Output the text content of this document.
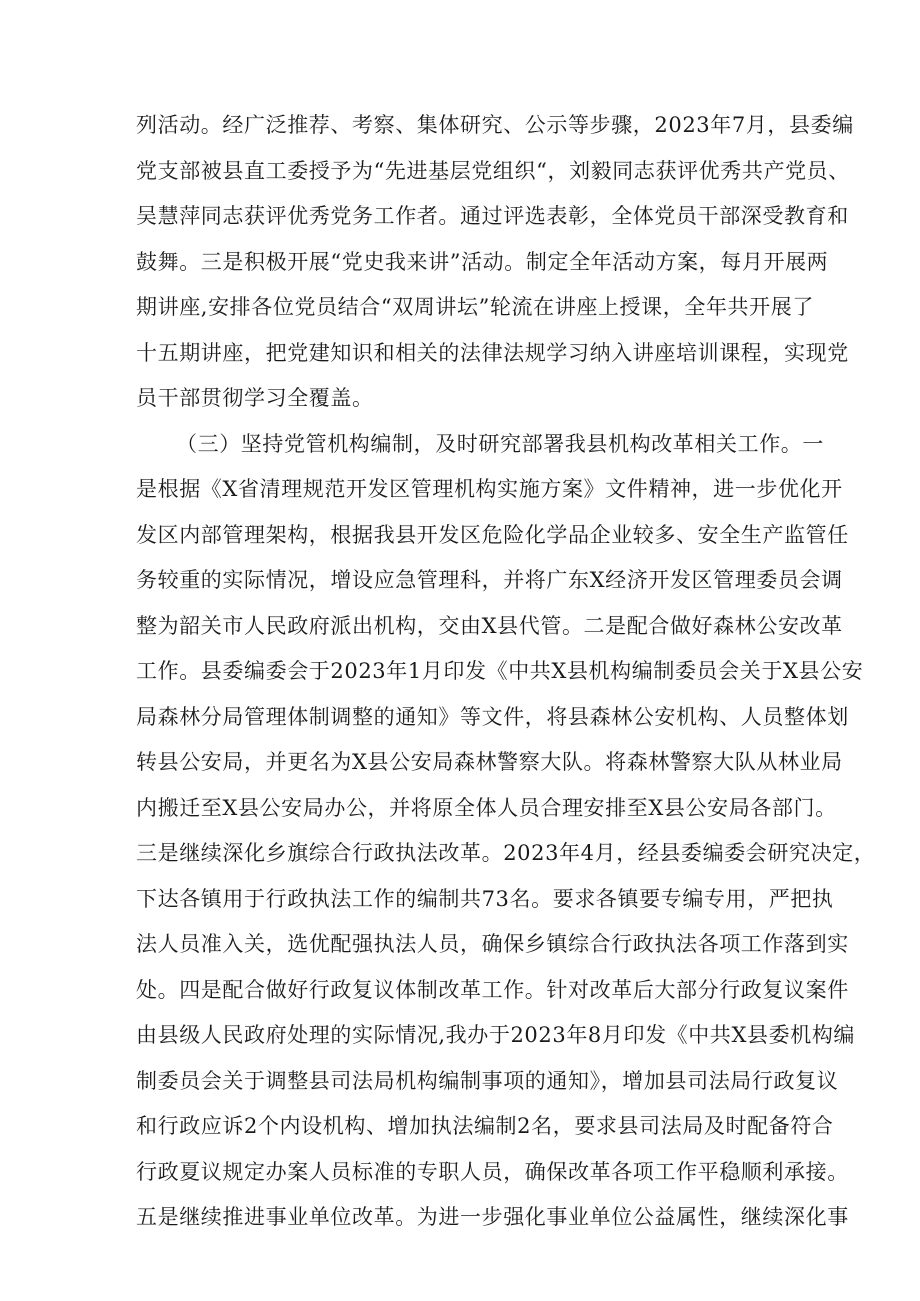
列活动。经广泛推荐、考察、集体研究、公示等步骤，2023年7月，县委编
党支部被县直工委授予为“先进基层党组织“，刘毅同志获评优秀共产党员、
吴慧萍同志获评优秀党务工作者。通过评选表彰，全体党员干部深受教育和
鼓舞。三是积极开展“党史我来讲”活动。制定全年活动方案，每月开展两
期讲座,安排各位党员结合“双周讲坛”轮流在讲座上授课，全年共开展了
十五期讲座，把党建知识和相关的法律法规学习纳入讲座培训课程，实现党
员干部贯彻学习全覆盖。
（三）坚持党管机构编制，及时研究部署我县机构改革相关工作。一
是根据《X省清理规范开发区管理机构实施方案》文件精神，进一步优化开
发区内部管理架构，根据我县开发区危险化学品企业较多、安全生产监管任
务较重的实际情况，增设应急管理科，并将广东X经济开发区管理委员会调
整为韶关市人民政府派出机构，交由X县代管。二是配合做好森林公安改革
工作。县委编委会于2023年1月印发《中共X县机构编制委员会关于X县公安
局森林分局管理体制调整的通知》等文件，将县森林公安机构、人员整体划
转县公安局，并更名为X县公安局森林警察大队。将森林警察大队从林业局
内搬迁至X县公安局办公，并将原全体人员合理安排至X县公安局各部门。
三是继续深化乡旗综合行政执法改革。2023年4月，经县委编委会研究决定，
下达各镇用于行政执法工作的编制共73名。要求各镇要专编专用，严把执
法人员准入关，选优配强执法人员，确保乡镇综合行政执法各项工作落到实
处。四是配合做好行政复议体制改革工作。针对改革后大部分行政复议案件
由县级人民政府处理的实际情况,我办于2023年8月印发《中共X县委机构编
制委员会关于调整县司法局机构编制事项的通知》，增加县司法局行政复议
和行政应诉2个内设机构、增加执法编制2名，要求县司法局及时配备符合
行政夏议规定办案人员标准的专职人员，确保改革各项工作平稳顺利承接。
五是继续推进事业单位改革。为进一步强化事业单位公益属性，继续深化事
